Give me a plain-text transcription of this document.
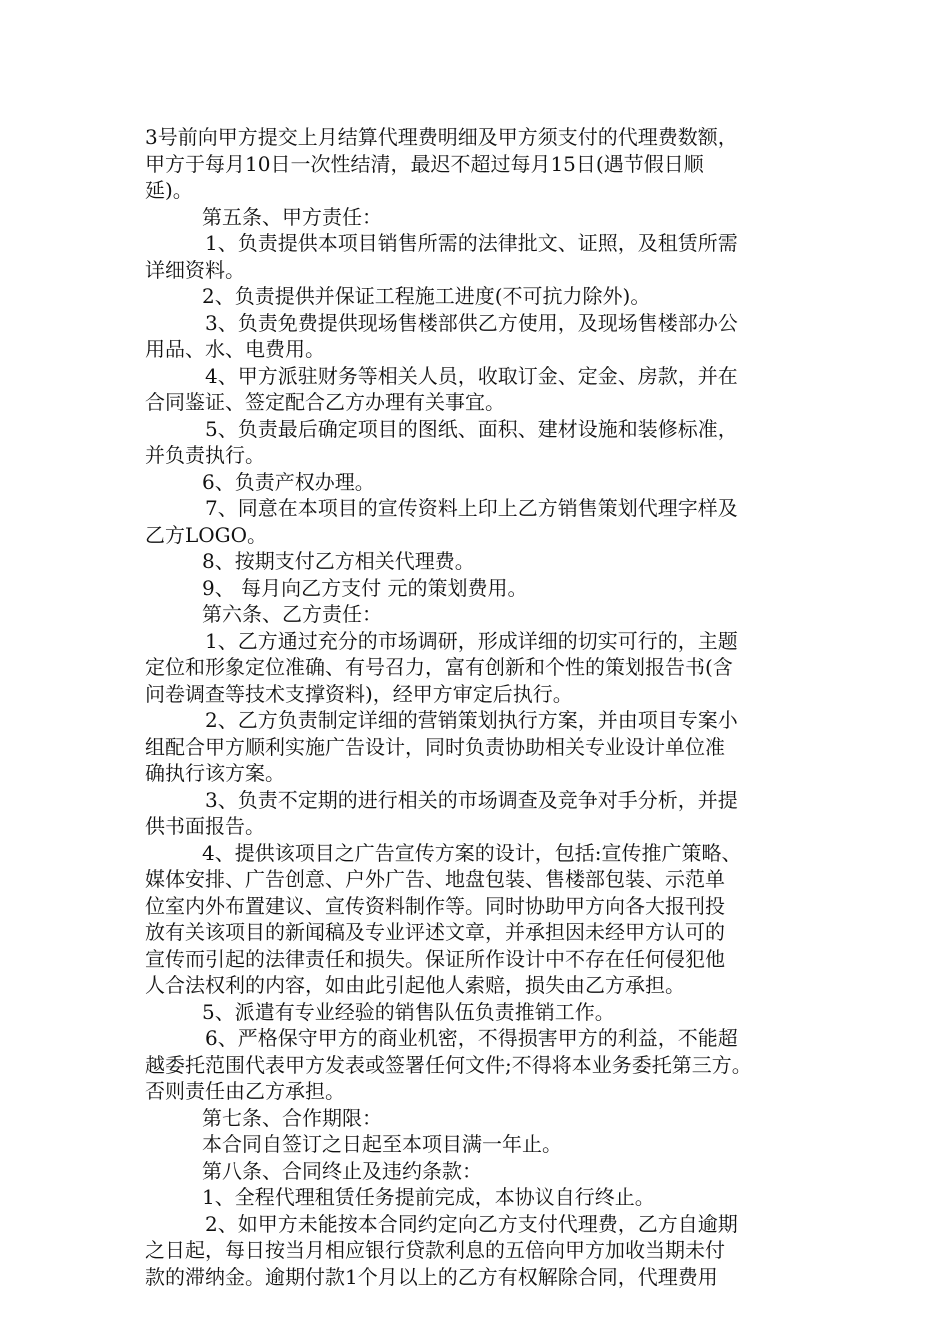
3号前向甲方提交上月结算代理费明细及甲方须支付的代理费数额，
甲方于每月10日一次性结清，最迟不超过每月15日(遇节假日顺
延)。
第五条、甲方责任：
1、负责提供本项目销售所需的法律批文、证照，及租赁所需
详细资料。
2、负责提供并保证工程施工进度(不可抗力除外)。
3、负责免费提供现场售楼部供乙方使用，及现场售楼部办公
用品、水、电费用。
4、甲方派驻财务等相关人员，收取订金、定金、房款，并在
合同鉴证、签定配合乙方办理有关事宜。
5、负责最后确定项目的图纸、面积、建材设施和装修标准，
并负责执行。
6、负责产权办理。
7、同意在本项目的宣传资料上印上乙方销售策划代理字样及
乙方LOGO。
8、按期支付乙方相关代理费。
9、 每月向乙方支付 元的策划费用。
第六条、乙方责任：
1、乙方通过充分的市场调研，形成详细的切实可行的，主题
定位和形象定位准确、有号召力，富有创新和个性的策划报告书(含
问卷调查等技术支撑资料)，经甲方审定后执行。
2、乙方负责制定详细的营销策划执行方案，并由项目专案小
组配合甲方顺利实施广告设计，同时负责协助相关专业设计单位准
确执行该方案。
3、负责不定期的进行相关的市场调查及竞争对手分析，并提
供书面报告。
4、提供该项目之广告宣传方案的设计，包括:宣传推广策略、
媒体安排、广告创意、户外广告、地盘包装、售楼部包装、示范单
位室内外布置建议、宣传资料制作等。同时协助甲方向各大报刊投
放有关该项目的新闻稿及专业评述文章，并承担因未经甲方认可的
宣传而引起的法律责任和损失。保证所作设计中不存在任何侵犯他
人合法权利的内容，如由此引起他人索赔，损失由乙方承担。
5、派遣有专业经验的销售队伍负责推销工作。
6、严格保守甲方的商业机密，不得损害甲方的利益，不能超
越委托范围代表甲方发表或签署任何文件;不得将本业务委托第三方。
否则责任由乙方承担。
第七条、合作期限：
本合同自签订之日起至本项目满一年止。
第八条、合同终止及违约条款：
1、全程代理租赁任务提前完成，本协议自行终止。
2、如甲方未能按本合同约定向乙方支付代理费，乙方自逾期
之日起，每日按当月相应银行贷款利息的五倍向甲方加收当期未付
款的滞纳金。逾期付款1个月以上的乙方有权解除合同，代理费用
